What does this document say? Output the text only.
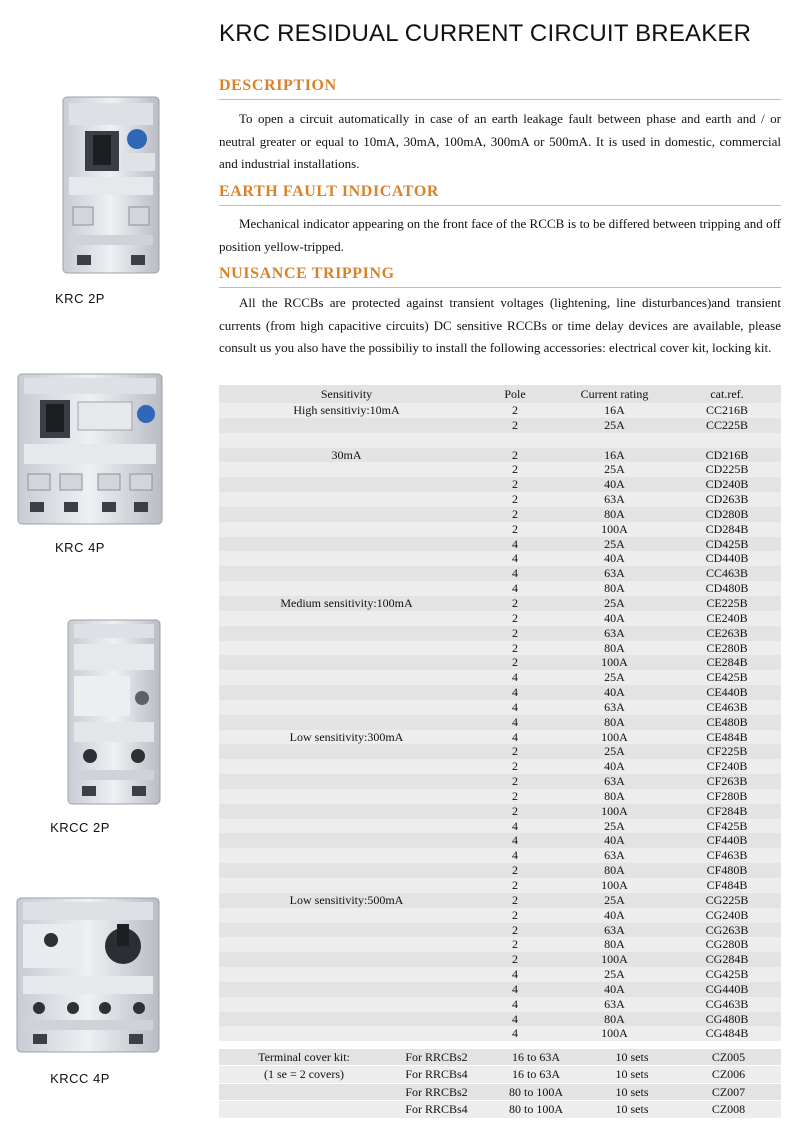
KRC RESIDUAL CURRENT CIRCUIT BREAKER
DESCRIPTION
To open a circuit automatically in case of an earth leakage fault between phase and earth and / or neutral greater or equal to 10mA, 30mA, 100mA, 300mA or 500mA. It is used in domestic, commercial and industrial installations.
EARTH FAULT INDICATOR
Mechanical indicator appearing on the front face of the RCCB is to be differed between tripping and off position yellow-tripped.
NUISANCE TRIPPING
All the RCCBs are protected against transient voltages (lightening, line disturbances)and transient currents (from high capacitive circuits) DC sensitive RCCBs or time delay devices are available, please consult us you also have the possibiliy to install the following accessories: electrical cover kit, locking kit.
KRC 2P
KRC 4P
KRCC 2P
KRCC 4P
Sensitivity	Pole	Current rating	cat.ref.
High sensitiviy:10mA	2	16A	CC216B
	2	25A	CC225B

30mA	2	16A	CD216B
	2	25A	CD225B
	2	40A	CD240B
	2	63A	CD263B
	2	80A	CD280B
	2	100A	CD284B
	4	25A	CD425B
	4	40A	CD440B
	4	63A	CC463B
	4	80A	CD480B
Medium sensitivity:100mA	2	25A	CE225B
	2	40A	CE240B
	2	63A	CE263B
	2	80A	CE280B
	2	100A	CE284B
	4	25A	CE425B
	4	40A	CE440B
	4	63A	CE463B
	4	80A	CE480B
Low sensitivity:300mA	4	100A	CE484B
	2	25A	CF225B
	2	40A	CF240B
	2	63A	CF263B
	2	80A	CF280B
	2	100A	CF284B
	4	25A	CF425B
	4	40A	CF440B
	4	63A	CF463B
	2	80A	CF480B
	2	100A	CF484B
Low sensitivity:500mA	2	25A	CG225B
	2	40A	CG240B
	2	63A	CG263B
	2	80A	CG280B
	2	100A	CG284B
	4	25A	CG425B
	4	40A	CG440B
	4	63A	CG463B
	4	80A	CG480B
	4	100A	CG484B
Terminal cover kit:	For RRCBs2	16 to 63A	10 sets	CZ005
(1 se = 2 covers)	For RRCBs4	16 to 63A	10 sets	CZ006
	For RRCBs2	80 to 100A	10 sets	CZ007
	For RRCBs4	80 to 100A	10 sets	CZ008
